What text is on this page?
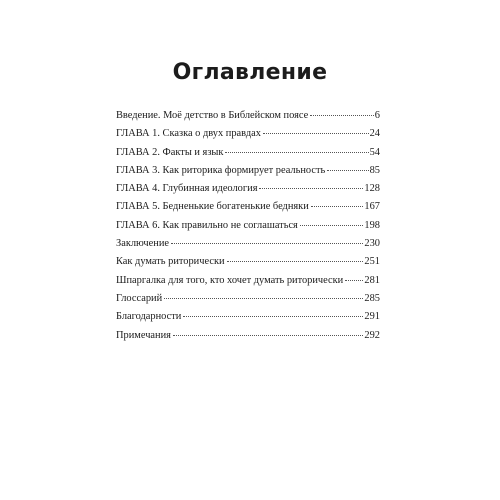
Оглавление
Введение. Моё детство в Библейском поясе	6
ГЛАВА 1. Сказка о двух правдах	24
ГЛАВА 2. Факты и язык	54
ГЛАВА 3. Как риторика формирует реальность	85
ГЛАВА 4. Глубинная идеология	128
ГЛАВА 5. Бедненькие богатенькие бедняки	167
ГЛАВА 6. Как правильно не соглашаться	198
Заключение	230
Как думать риторически	251
Шпаргалка для того, кто хочет думать риторически 281
Глоссарий	285
Благодарности	291
Примечания	292
